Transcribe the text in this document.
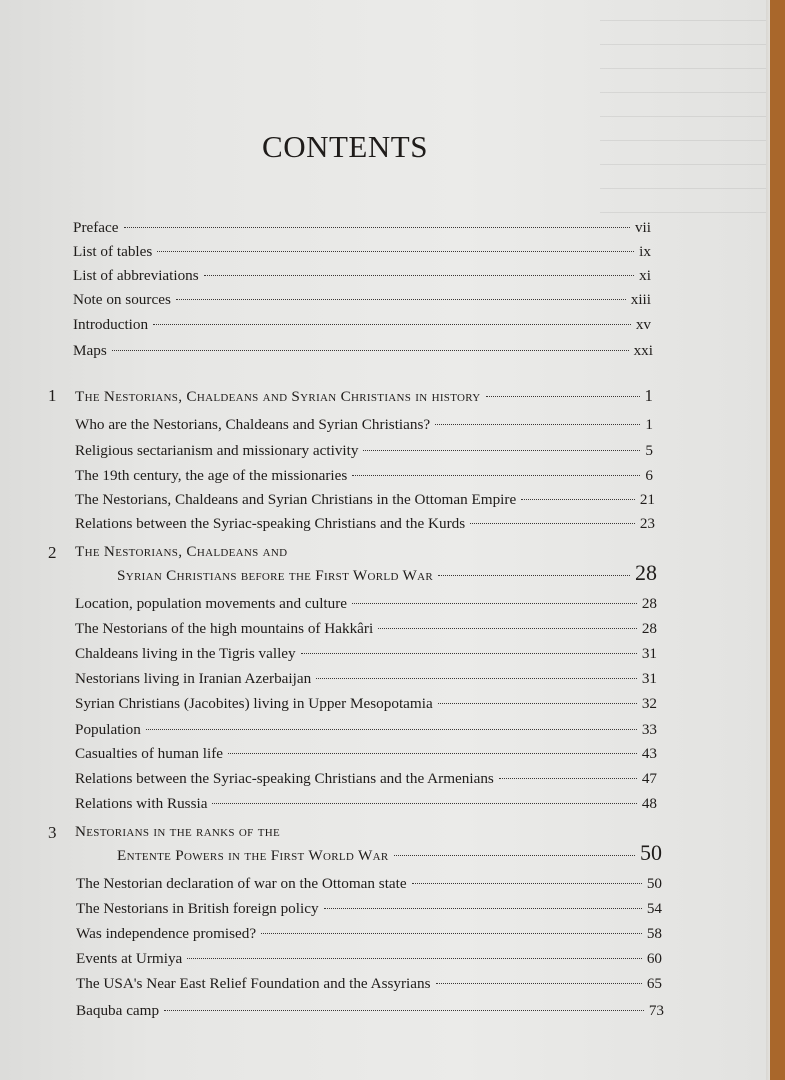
CONTENTS
Preface	vii
List of tables	ix
List of abbreviations	xi
Note on sources	xiii
Introduction	xv
Maps	xxi
1 The Nestorians, Chaldeans and Syrian Christians in history	1
Who are the Nestorians, Chaldeans and Syrian Christians?	1
Religious sectarianism and missionary activity	5
The 19th century, the age of the missionaries	6
The Nestorians, Chaldeans and Syrian Christians in the Ottoman Empire	21
Relations between the Syriac-speaking Christians and the Kurds	23
2 The Nestorians, Chaldeans and
Syrian Christians before the First World War	28
Location, population movements and culture	28
The Nestorians of the high mountains of Hakkâri	28
Chaldeans living in the Tigris valley	31
Nestorians living in Iranian Azerbaijan	31
Syrian Christians (Jacobites) living in Upper Mesopotamia	32
Population	33
Casualties of human life	43
Relations between the Syriac-speaking Christians and the Armenians	47
Relations with Russia	48
3 Nestorians in the ranks of the
Entente Powers in the First World War	50
The Nestorian declaration of war on the Ottoman state	50
The Nestorians in British foreign policy	54
Was independence promised?	58
Events at Urmiya	60
The USA's Near East Relief Foundation and the Assyrians	65
Baquba camp	73
